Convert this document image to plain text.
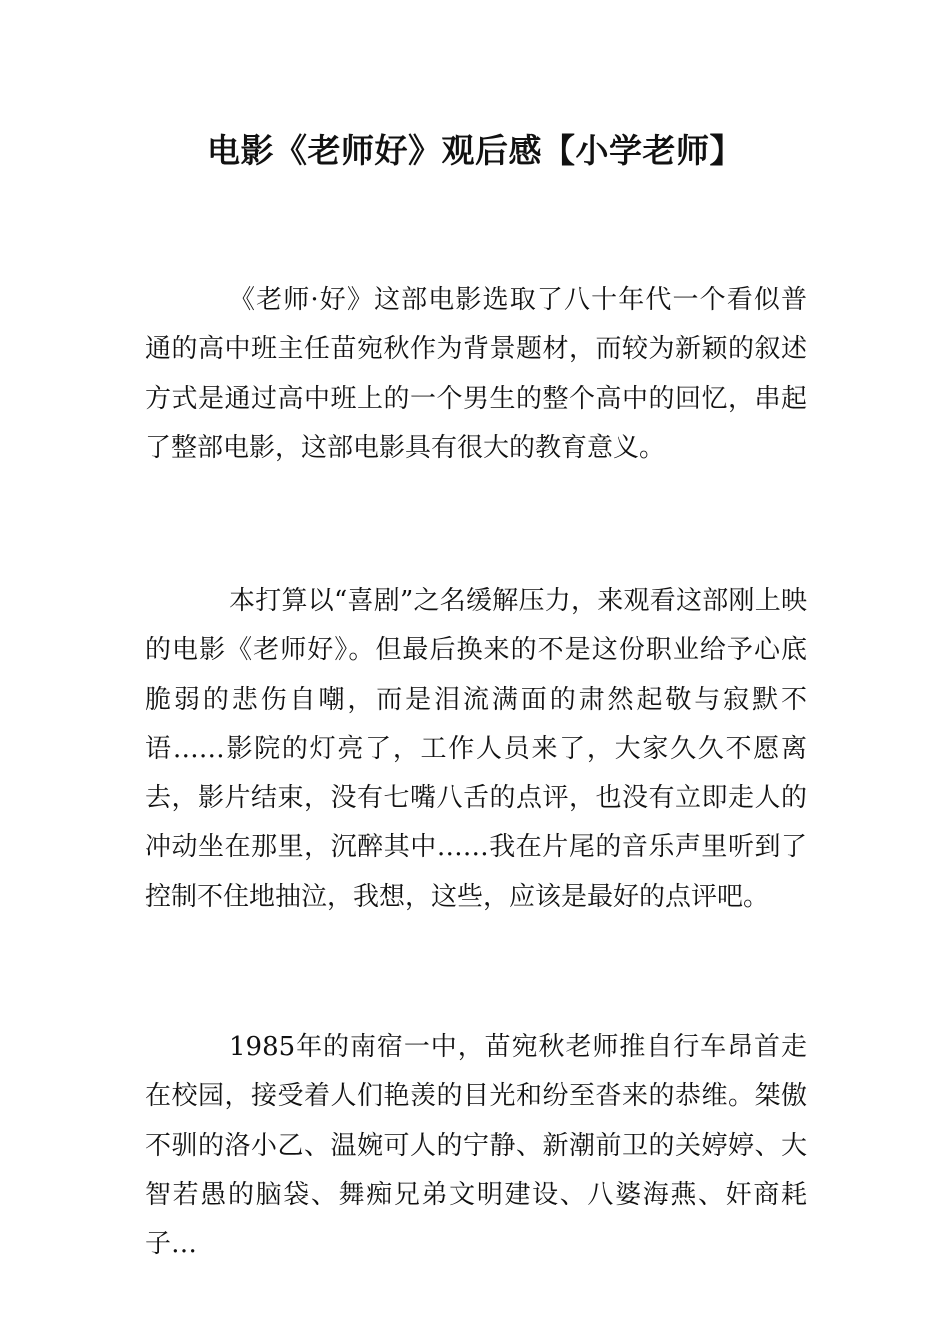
电影《老师好》观后感【小学老师】

《老师·好》这部电影选取了八十年代一个看似普通的高中班主任苗宛秋作为背景题材，而较为新颖的叙述方式是通过高中班上的一个男生的整个高中的回忆，串起了整部电影，这部电影具有很大的教育意义。

本打算以“喜剧”之名缓解压力，来观看这部刚上映的电影《老师好》。但最后换来的不是这份职业给予心底脆弱的悲伤自嘲，而是泪流满面的肃然起敬与寂默不语……影院的灯亮了，工作人员来了，大家久久不愿离去，影片结束，没有七嘴八舌的点评，也没有立即走人的冲动坐在那里，沉醉其中……我在片尾的音乐声里听到了控制不住地抽泣，我想，这些，应该是最好的点评吧。

1985年的南宿一中，苗宛秋老师推自行车昂首走在校园，接受着人们艳羡的目光和纷至沓来的恭维。桀傲不驯的洛小乙、温婉可人的宁静、新潮前卫的关婷婷、大智若愚的脑袋、舞痴兄弟文明建设、八婆海燕、奸商耗子…
